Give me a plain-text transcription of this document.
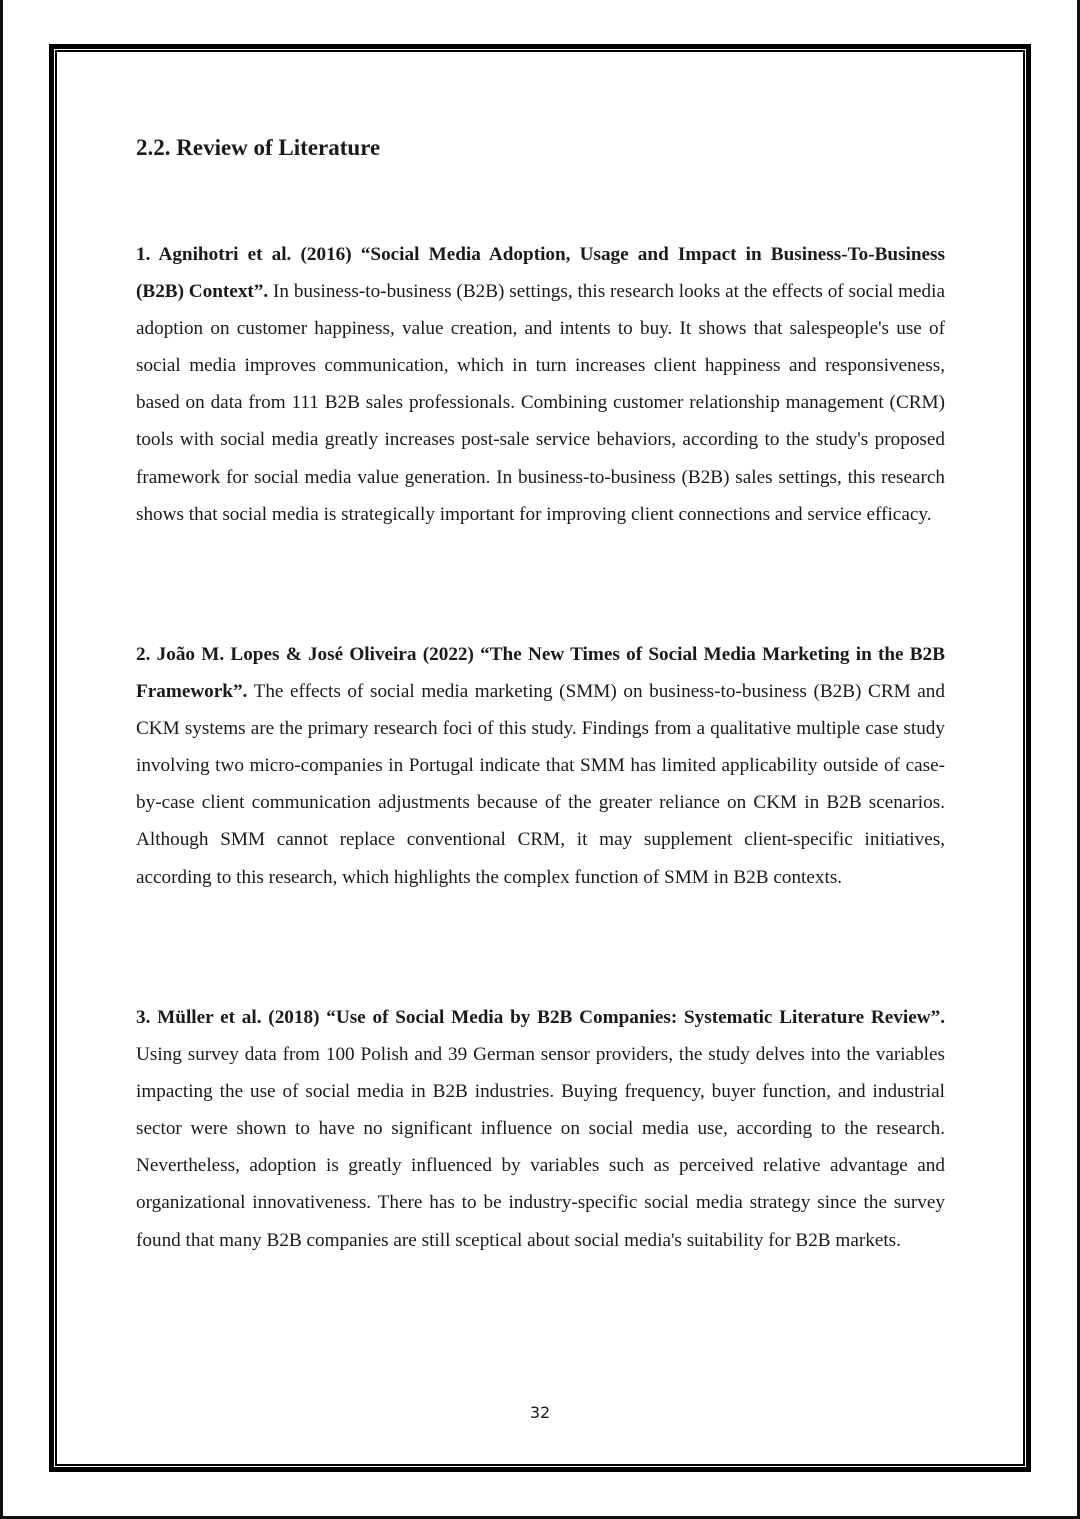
2.2. Review of Literature

1. Agnihotri et al. (2016) “Social Media Adoption, Usage and Impact in Business-To-Business (B2B) Context”. In business-to-business (B2B) settings, this research looks at the effects of social media adoption on customer happiness, value creation, and intents to buy. It shows that salespeople's use of social media improves communication, which in turn increases client happiness and responsiveness, based on data from 111 B2B sales professionals. Combining customer relationship management (CRM) tools with social media greatly increases post-sale service behaviors, according to the study's proposed framework for social media value generation. In business-to-business (B2B) sales settings, this research shows that social media is strategically important for improving client connections and service efficacy.

2. João M. Lopes & José Oliveira (2022) “The New Times of Social Media Marketing in the B2B Framework”. The effects of social media marketing (SMM) on business-to-business (B2B) CRM and CKM systems are the primary research foci of this study. Findings from a qualitative multiple case study involving two micro-companies in Portugal indicate that SMM has limited applicability outside of case-by-case client communication adjustments because of the greater reliance on CKM in B2B scenarios. Although SMM cannot replace conventional CRM, it may supplement client-specific initiatives, according to this research, which highlights the complex function of SMM in B2B contexts.

3. Müller et al. (2018) “Use of Social Media by B2B Companies: Systematic Literature Review”. Using survey data from 100 Polish and 39 German sensor providers, the study delves into the variables impacting the use of social media in B2B industries. Buying frequency, buyer function, and industrial sector were shown to have no significant influence on social media use, according to the research. Nevertheless, adoption is greatly influenced by variables such as perceived relative advantage and organizational innovativeness. There has to be industry-specific social media strategy since the survey found that many B2B companies are still sceptical about social media's suitability for B2B markets.

32
